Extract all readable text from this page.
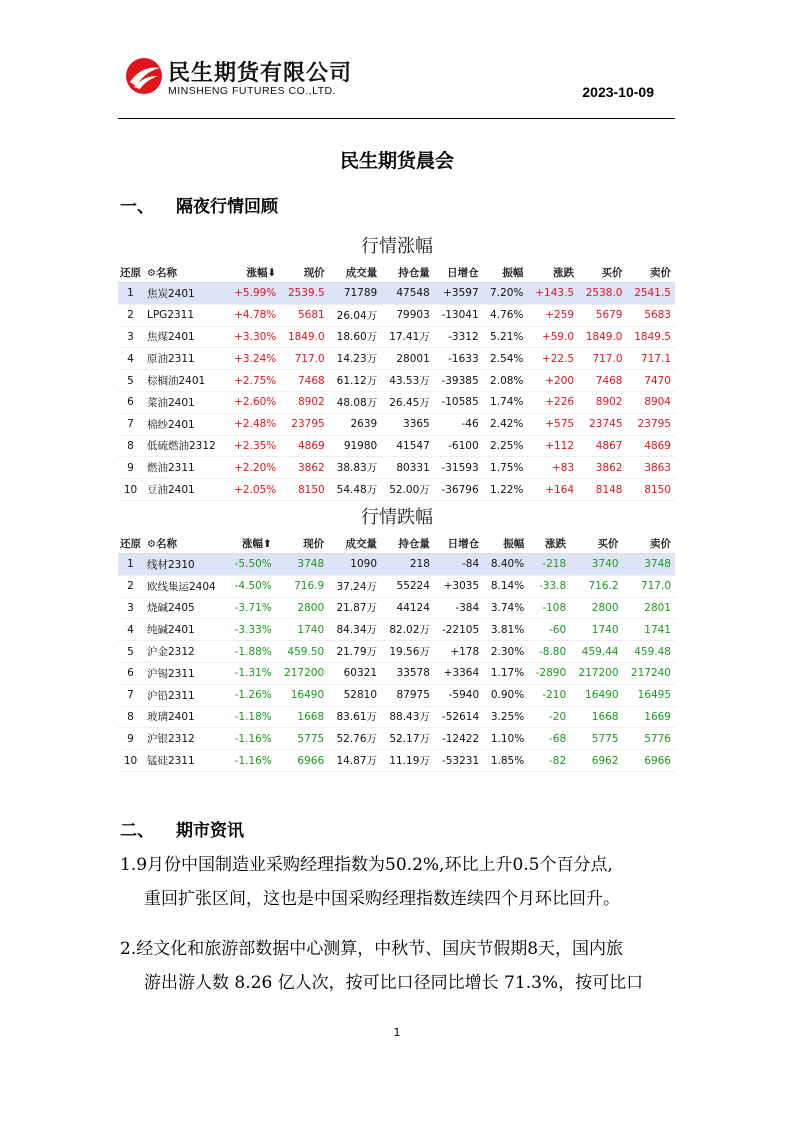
民生期货有限公司
MINSHENG FUTURES CO.,LTD.	2023-10-09
民生期货晨会
一、 隔夜行情回顾
行情涨幅
还原	⚙名称	涨幅⬇	现价	成交量	持仓量	日增仓	振幅	涨跌	买价	卖价
1	焦炭2401	+5.99%	2539.5	71789	47548	+3597	7.20%	+143.5	2538.0	2541.5
2	LPG2311	+4.78%	5681	26.04万	79903	-13041	4.76%	+259	5679	5683
3	焦煤2401	+3.30%	1849.0	18.60万	17.41万	-3312	5.21%	+59.0	1849.0	1849.5
4	原油2311	+3.24%	717.0	14.23万	28001	-1633	2.54%	+22.5	717.0	717.1
5	棕榈油2401	+2.75%	7468	61.12万	43.53万	-39385	2.08%	+200	7468	7470
6	菜油2401	+2.60%	8902	48.08万	26.45万	-10585	1.74%	+226	8902	8904
7	棉纱2401	+2.48%	23795	2639	3365	-46	2.42%	+575	23745	23795
8	低硫燃油2312	+2.35%	4869	91980	41547	-6100	2.25%	+112	4867	4869
9	燃油2311	+2.20%	3862	38.83万	80331	-31593	1.75%	+83	3862	3863
10	豆油2401	+2.05%	8150	54.48万	52.00万	-36796	1.22%	+164	8148	8150
行情跌幅
还原	⚙名称	涨幅⬆	现价	成交量	持仓量	日增仓	振幅	涨跌	买价	卖价
1	线材2310	-5.50%	3748	1090	218	-84	8.40%	-218	3740	3748
2	欧线集运2404	-4.50%	716.9	37.24万	55224	+3035	8.14%	-33.8	716.2	717.0
3	烧碱2405	-3.71%	2800	21.87万	44124	-384	3.74%	-108	2800	2801
4	纯碱2401	-3.33%	1740	84.34万	82.02万	-22105	3.81%	-60	1740	1741
5	沪金2312	-1.88%	459.50	21.79万	19.56万	+178	2.30%	-8.80	459.44	459.48
6	沪锡2311	-1.31%	217200	60321	33578	+3364	1.17%	-2890	217200	217240
7	沪铅2311	-1.26%	16490	52810	87975	-5940	0.90%	-210	16490	16495
8	玻璃2401	-1.18%	1668	83.61万	88.43万	-52614	3.25%	-20	1668	1669
9	沪银2312	-1.16%	5775	52.76万	52.17万	-12422	1.10%	-68	5775	5776
10	锰硅2311	-1.16%	6966	14.87万	11.19万	-53231	1.85%	-82	6962	6966
二、 期市资讯
1.9月份中国制造业采购经理指数为50.2%,环比上升0.5个百分点,
重回扩张区间，这也是中国采购经理指数连续四个月环比回升。
2.经文化和旅游部数据中心测算，中秋节、国庆节假期8天，国内旅
游出游人数 8.26 亿人次，按可比口径同比增长 71.3%，按可比口
1
